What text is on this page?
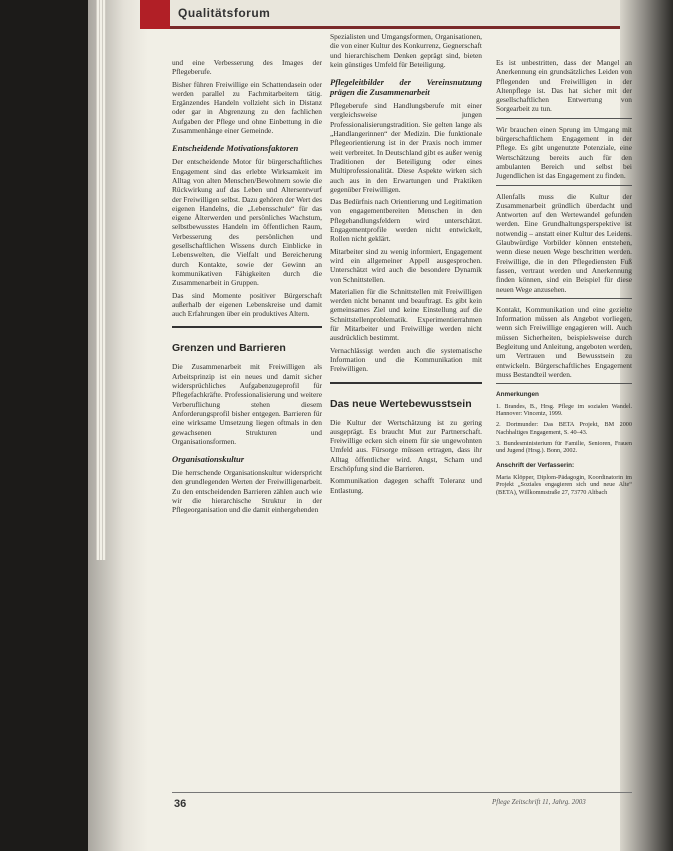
Qualitätsforum

und eine Verbesserung des Images der Pflegeberufe.

Bisher führen Freiwillige ein Schattendasein oder werden parallel zu Fachmitarbeitern tätig. Ergänzendes Handeln vollzieht sich in Distanz oder gar in Abgrenzung zu den fachlichen Aufgaben der Pflege und ohne Einbettung in die Zusammenhänge einer Gemeinde.

Entscheidende Motivationsfaktoren

Der entscheidende Motor für bürgerschaftliches Engagement sind das erlebte Wirksamkeit im Alltag von alten Menschen/Bewohnern sowie die Rückwirkung auf das Leben und Altersentwurf der Freiwilligen selbst. Dazu gehören der Wert des eigenen Handelns, die „Lebensschule“ für das eigene Älterwerden und persönliches Wachstum, selbstbewusstes Handeln im öffentlichen Raum, Verbesserung des persönlichen und gesellschaftlichen Wissens durch Einblicke in Lebenswelten, die Vielfalt und Bereicherung durch Kontakte, sowie der Gewinn an kommunikativen Fähigkeiten durch die Zusammenarbeit in Gruppen.

Das sind Momente positiver Bürgerschaft außerhalb der eigenen Lebenskreise und damit auch Erfahrungen über ein produktives Altern.

Grenzen und Barrieren

Die Zusammenarbeit mit Freiwilligen als Arbeitsprinzip ist ein neues und damit sicher widersprüchliches Aufgabenzugeprofil für Pflegefachkräfte. Professionalisierung und weitere Verberuflichung stehen diesem Anforderungsprofil bisher entgegen. Barrieren für eine wirksame Umsetzung liegen oftmals in den gewachsenen Strukturen und Organisationsformen.

Organisationskultur

Die herrschende Organisationskultur widerspricht den grundlegenden Werten der Freiwilligenarbeit. Zu den entscheidenden Barrieren zählen auch wie wir die hierarchische Struktur in der Pflegeorganisation und die damit einhergehenden

Spezialisten und Umgangsformen, Organisationen, die von einer Kultur des Konkurrenz, Gegnerschaft und hierarchischem Denken geprägt sind, bieten kein günstiges Umfeld für Beteiligung.

Pflegeleitbilder der Vereinsnutzung prägen die Zusammenarbeit

Pflegeberufe sind Handlungsberufe mit einer vergleichsweise jungen Professionalisierungstradition. Sie gelten lange als „Handlangerinnen“ der Medizin. Die funktionale Pflegeorientierung ist in der Praxis noch immer weit verbreitet. In Deutschland gibt es außer wenig Traditionen der Beteiligung oder eines Multiprofessionalität. Diese Aspekte wirken sich auch aus in den Erwartungen und Praktiken gegenüber Freiwilligen.

Das Bedürfnis nach Orientierung und Legitimation von engagementbereiten Menschen in den Pflegehandlungsfeldern wird unterschätzt. Engagementprofile werden nicht entwickelt, Rollen nicht geklärt.

Mitarbeiter sind zu wenig informiert, Engagement wird ein allgemeiner Appell ausgesprochen. Unterschätzt wird auch die besondere Dynamik von Schnittstellen.

Materialien für die Schnittstellen mit Freiwilligen werden nicht benannt und beauftragt. Es gibt kein gemeinsames Ziel und keine Einstellung auf die Schnittstellenproblematik. Experimentierrahmen für Mitarbeiter und Freiwillige werden nicht ausdrücklich bestimmt.

Vernachlässigt werden auch die systematische Information und die Kommunikation mit Freiwilligen.

Das neue Wertebewusstsein

Die Kultur der Wertschätzung ist zu gering ausgeprägt. Es braucht Mut zur Partnerschaft. Freiwillige ecken sich einem für sie ungewohnten Umfeld aus. Fürsorge müssen ertragen, dass ihr Alltag öffentlicher wird. Angst, Scham und Erschöpfung sind die Barrieren.

Kommunikation dagegen schafft Toleranz und Entlastung.

Es ist unbestritten, dass der Mangel an Anerkennung ein grundsätzliches Leiden von Pflegenden und Freiwilligen in der Altenpflege ist. Das hat sicher mit der gesellschaftlichen Entwertung von Sorgearbeit zu tun.

Wir brauchen einen Sprung im Umgang mit bürgerschaftlichem Engagement in der Pflege. Es gibt ungenutzte Potenziale, eine Wertschätzung bereits auch für den ambulanten Bereich und selbst bei Jugendlichen ist das Engagement zu finden.

Allenfalls muss die Kultur der Zusammenarbeit gründlich überdacht und Antworten auf den Wertewandel gefunden werden. Eine Grundhaltungsperspektive ist notwendig – anstatt einer Kultur des Leidens. Glaubwürdige Vorbilder können entstehen, wenn diese neuen Wege beschritten werden. Freiwillige, die in den Pflegediensten Fuß fassen, vertraut werden und Anerkennung finden können, sind ein Beispiel für diese neuen Wege anzusehen.

Kontakt, Kommunikation und eine gezielte Information müssen als Angebot vorliegen, wenn sich Freiwillige engagieren will. Auch müssen Sicherheiten, beispielsweise durch Begleitung und Anleitung, angeboten werden, um Vertrauen und Bewusstsein zu entwickeln. Bürgerschaftliches Engagement muss Bestandteil werden.

Anmerkungen

1. Brandes, B., Hrsg. Pflege im sozialen Wandel. Hannover: Vincentz, 1999.

2. Dortmunder: Das BETA Projekt, BM 2000 Nachhaltiges Engagement, S. 40–43.

3. Bundesministerium für Familie, Senioren, Frauen und Jugend (Hrsg.). Bonn, 2002.

Anschrift der Verfasserin:
Maria Klöpper, Diplom-Pädagogin, Koordinatorin im Projekt „Soziales engagieren sich und neue Alte“ (BETA), Willkommstraße 27, 73770 Altbach
36	Pflege Zeitschrift 11, Jahrg. 2003
